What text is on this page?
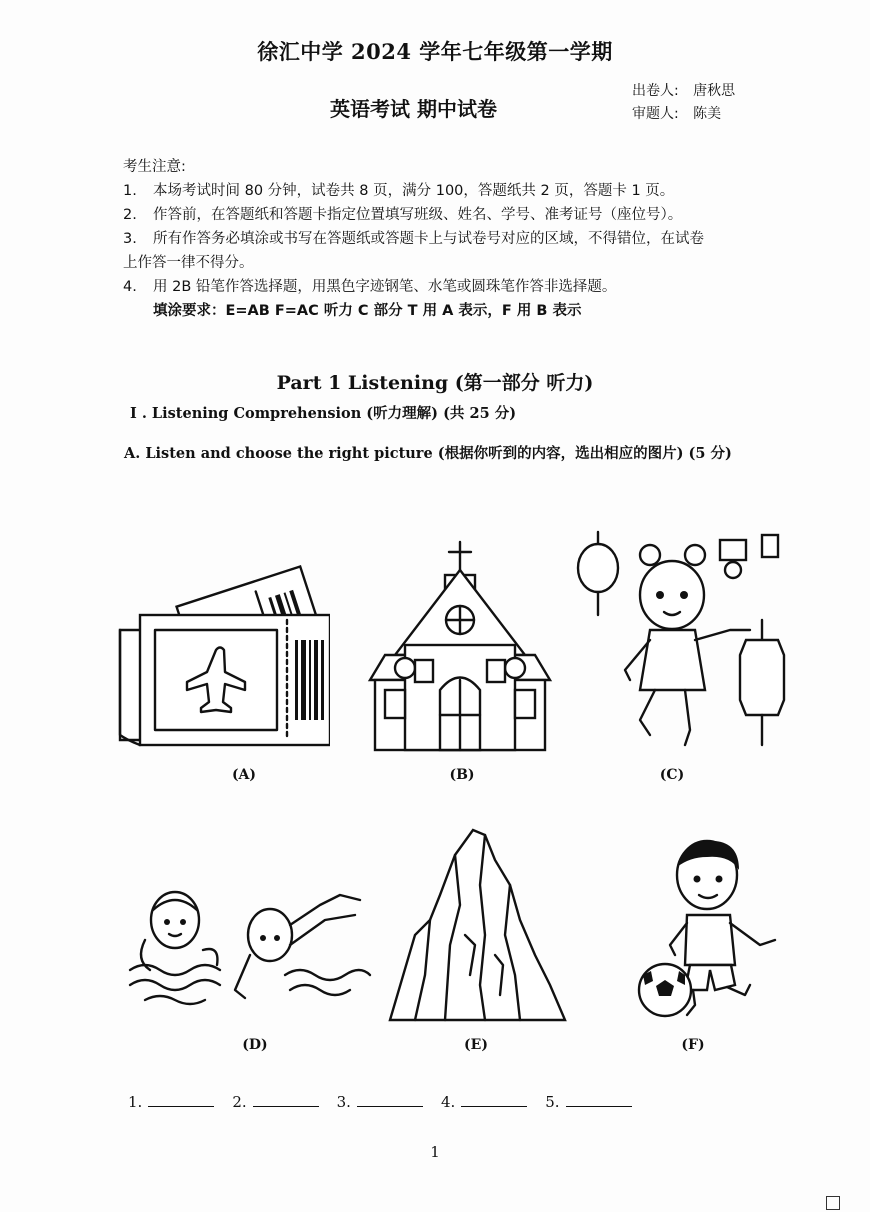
徐汇中学 2024 学年七年级第一学期
英语考试 期中试卷
出卷人: 唐秋思
审题人: 陈美
考生注意:
1.	本场考试时间 80 分钟，试卷共 8 页，满分 100，答题纸共 2 页，答题卡 1 页。
2.	作答前，在答题纸和答题卡指定位置填写班级、姓名、学号、准考证号（座位号）。
3.	所有作答务必填涂或书写在答题纸或答题卡上与试卷号对应的区域，不得错位，在试卷
上作答一律不得分。
4.	用 2B 铅笔作答选择题，用黑色字迹钢笔、水笔或圆珠笔作答非选择题。
填涂要求：E=AB F=AC 听力 C 部分 T 用 A 表示，F 用 B 表示
Part 1 Listening (第一部分 听力)
I . Listening Comprehension (听力理解) (共 25 分)
A. Listen and choose the right picture (根据你听到的内容，选出相应的图片) (5 分)
(A)	(B)	(C)
(D)	(E)	(F)
1.	2.	3.	4.	5.
1
